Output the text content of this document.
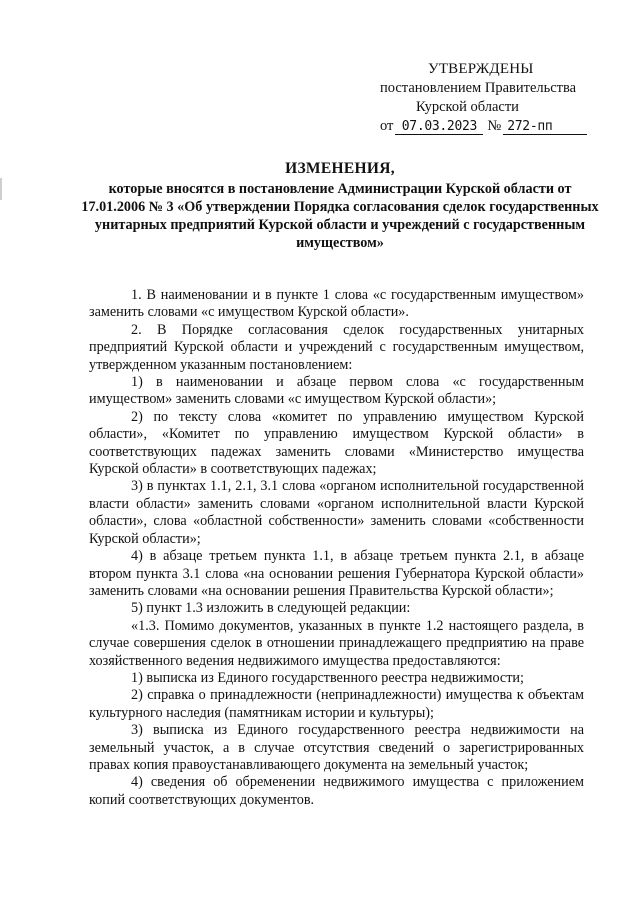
УТВЕРЖДЕНЫ
постановлением Правительства
Курской области
от 07.03.2023 № 272-пп
ИЗМЕНЕНИЯ,
которые вносятся в постановление Администрации Курской области от 17.01.2006 № 3 «Об утверждении Порядка согласования сделок государственных унитарных предприятий Курской области и учреждений с государственным имуществом»

1. В наименовании и в пункте 1 слова «с государственным имуществом» заменить словами «с имуществом Курской области».

2. В Порядке согласования сделок государственных унитарных предприятий Курской области и учреждений с государственным имуществом, утвержденном указанным постановлением:

1) в наименовании и абзаце первом слова «с государственным имуществом» заменить словами «с имуществом Курской области»;

2) по тексту слова «комитет по управлению имуществом Курской области», «Комитет по управлению имуществом Курской области» в соответствующих падежах заменить словами «Министерство имущества Курской области» в соответствующих падежах;

3) в пунктах 1.1, 2.1, 3.1 слова «органом исполнительной государственной власти области» заменить словами «органом исполнительной власти Курской области», слова «областной собственности» заменить словами «собственности Курской области»;

4) в абзаце третьем пункта 1.1, в абзаце третьем пункта 2.1, в абзаце втором пункта 3.1 слова «на основании решения Губернатора Курской области» заменить словами «на основании решения Правительства Курской области»;

5) пункт 1.3 изложить в следующей редакции:

«1.3. Помимо документов, указанных в пункте 1.2 настоящего раздела, в случае совершения сделок в отношении принадлежащего предприятию на праве хозяйственного ведения недвижимого имущества предоставляются:

1) выписка из Единого государственного реестра недвижимости;

2) справка о принадлежности (непринадлежности) имущества к объектам культурного наследия (памятникам истории и культуры);

3) выписка из Единого государственного реестра недвижимости на земельный участок, а в случае отсутствия сведений о зарегистрированных правах копия правоустанавливающего документа на земельный участок;

4) сведения об обременении недвижимого имущества с приложением копий соответствующих документов.
